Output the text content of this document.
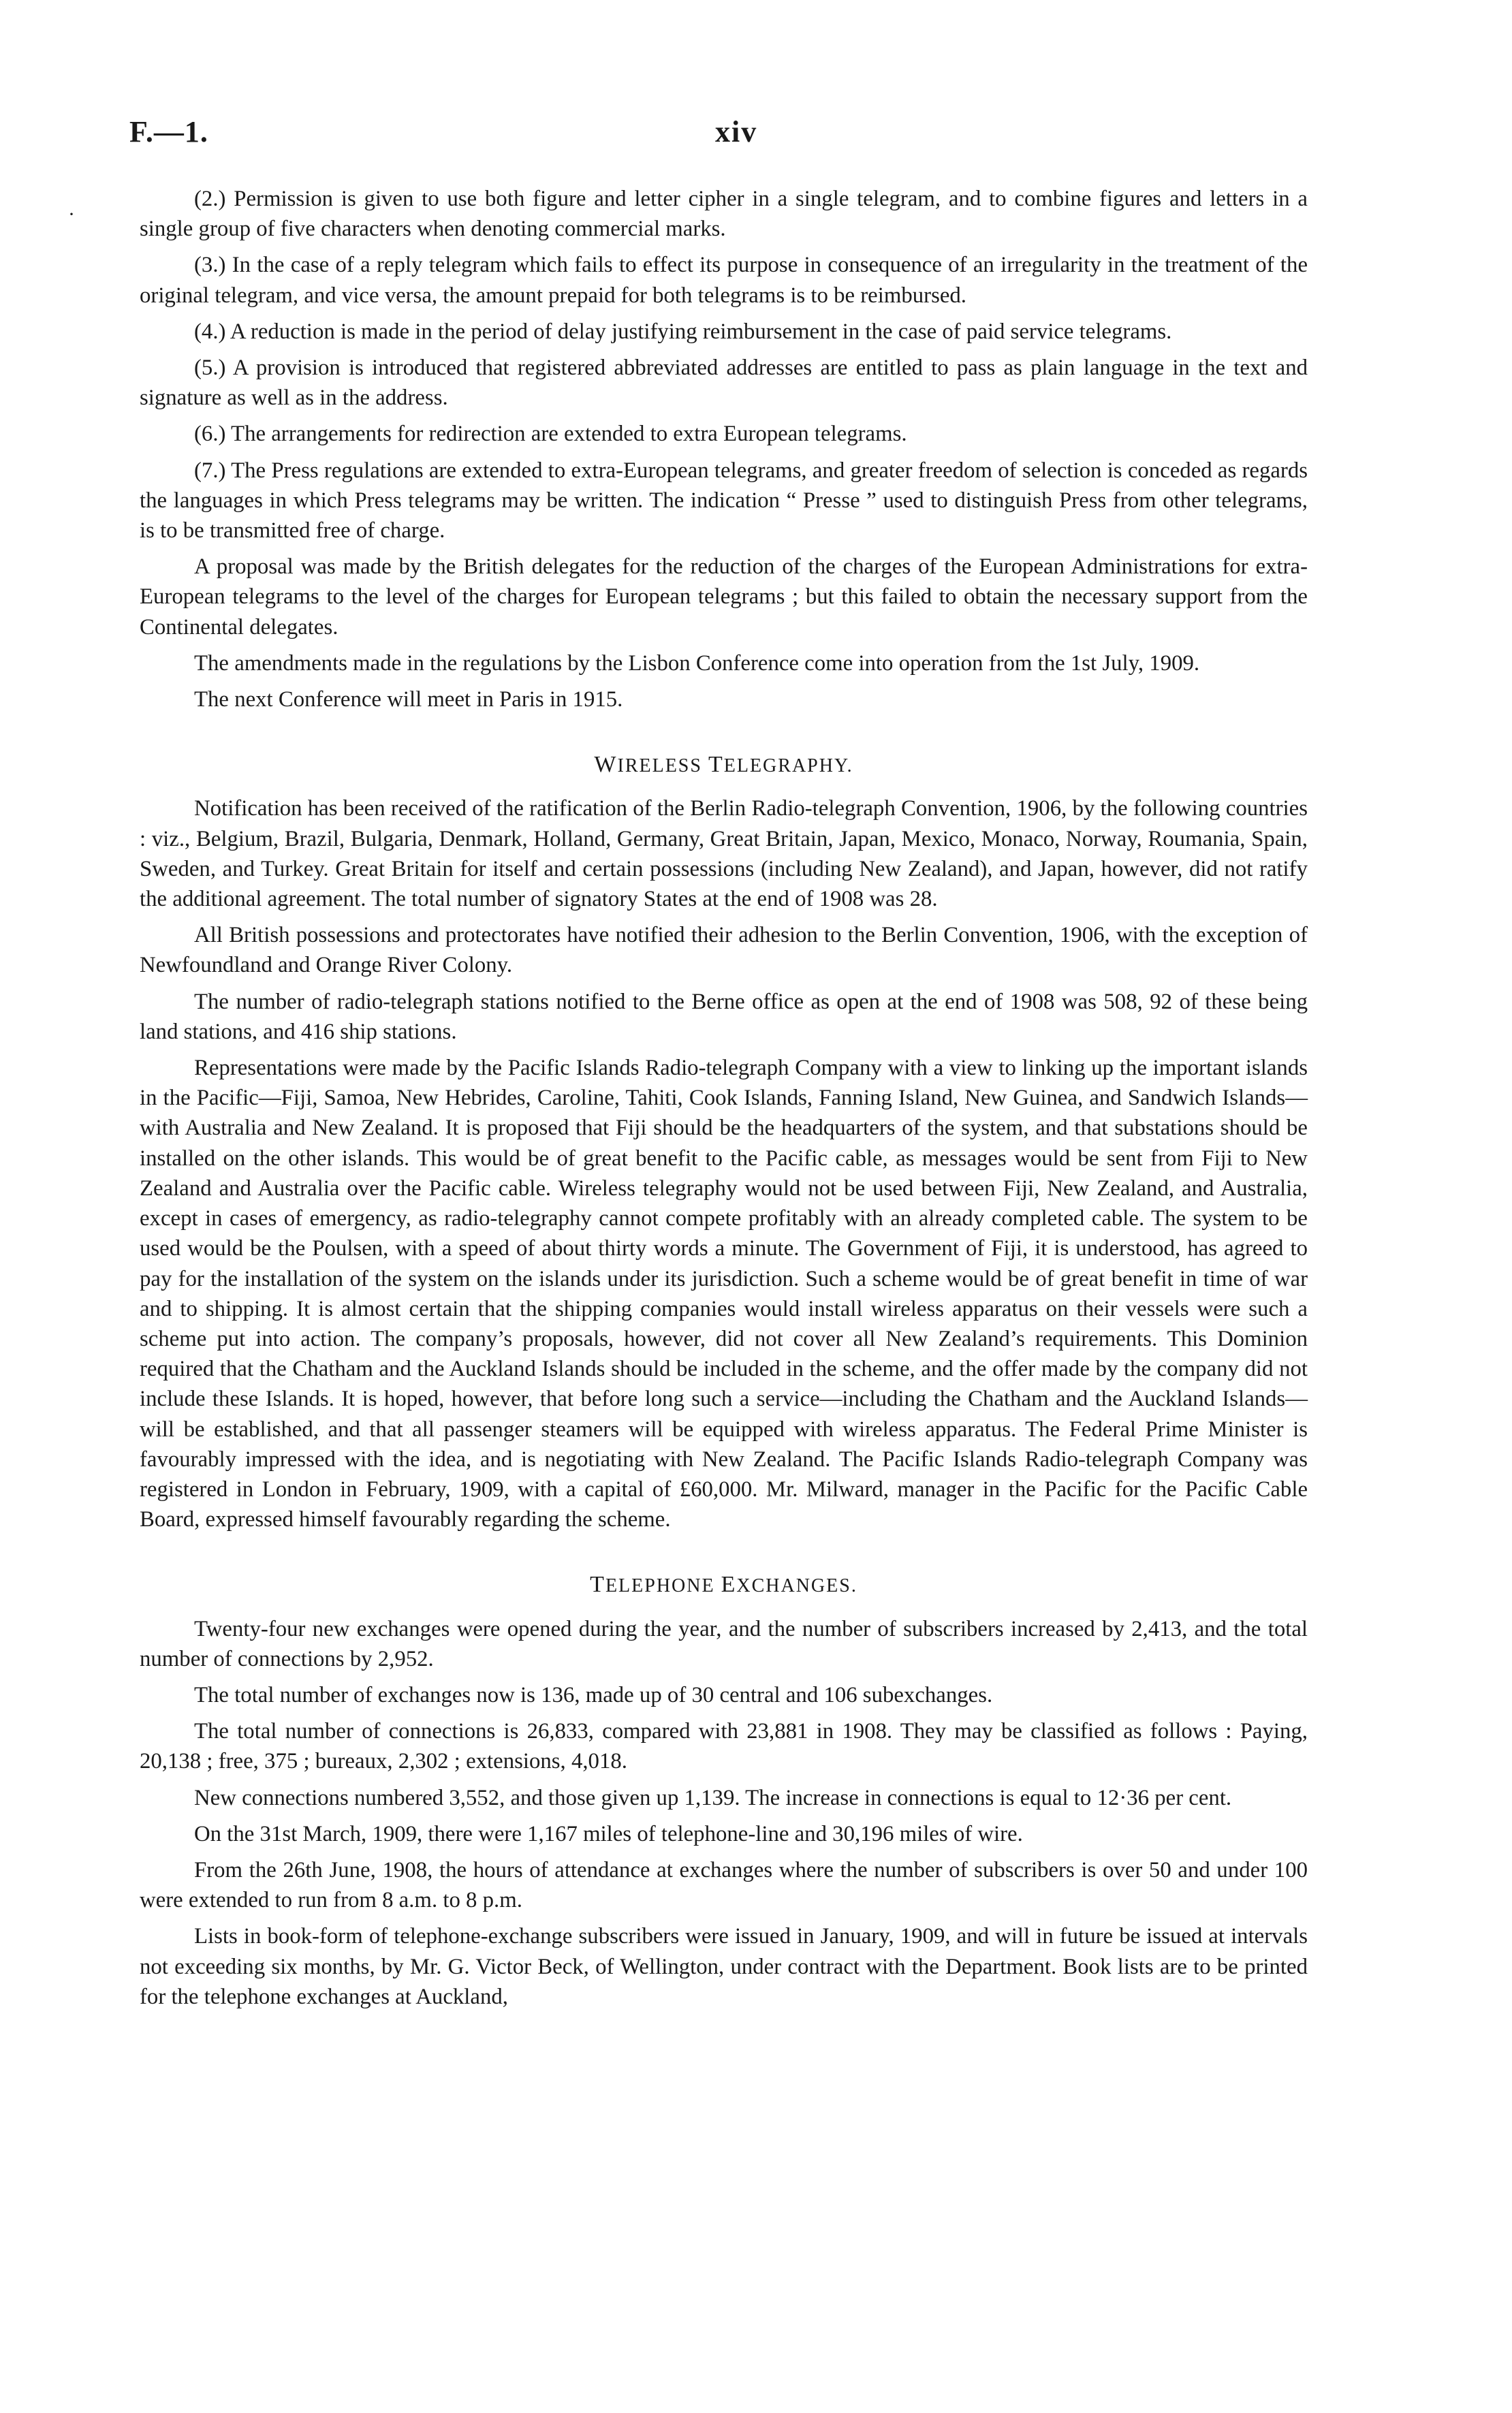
F.—1.	xiv
·

(2.) Permission is given to use both figure and letter cipher in a single telegram, and to combine figures and letters in a single group of five characters when denoting commercial marks.

(3.) In the case of a reply telegram which fails to effect its purpose in consequence of an irregularity in the treatment of the original telegram, and vice versa, the amount prepaid for both telegrams is to be reimbursed.

(4.) A reduction is made in the period of delay justifying reimbursement in the case of paid service telegrams.

(5.) A provision is introduced that registered abbreviated addresses are entitled to pass as plain language in the text and signature as well as in the address.

(6.) The arrangements for redirection are extended to extra European telegrams.

(7.) The Press regulations are extended to extra-European telegrams, and greater freedom of selection is conceded as regards the languages in which Press telegrams may be written. The indication “ Presse ” used to distinguish Press from other telegrams, is to be transmitted free of charge.

A proposal was made by the British delegates for the reduction of the charges of the European Administrations for extra-European telegrams to the level of the charges for European telegrams ; but this failed to obtain the necessary support from the Continental delegates.

The amendments made in the regulations by the Lisbon Conference come into operation from the 1st July, 1909.

The next Conference will meet in Paris in 1915.

WIRELESS TELEGRAPHY.

Notification has been received of the ratification of the Berlin Radio-telegraph Convention, 1906, by the following countries : viz., Belgium, Brazil, Bulgaria, Denmark, Holland, Germany, Great Britain, Japan, Mexico, Monaco, Norway, Roumania, Spain, Sweden, and Turkey. Great Britain for itself and certain possessions (including New Zealand), and Japan, however, did not ratify the additional agreement. The total number of signatory States at the end of 1908 was 28.

All British possessions and protectorates have notified their adhesion to the Berlin Convention, 1906, with the exception of Newfoundland and Orange River Colony.

The number of radio-telegraph stations notified to the Berne office as open at the end of 1908 was 508, 92 of these being land stations, and 416 ship stations.

Representations were made by the Pacific Islands Radio-telegraph Company with a view to linking up the important islands in the Pacific—Fiji, Samoa, New Hebrides, Caroline, Tahiti, Cook Islands, Fanning Island, New Guinea, and Sandwich Islands—with Australia and New Zealand. It is proposed that Fiji should be the headquarters of the system, and that substations should be installed on the other islands. This would be of great benefit to the Pacific cable, as messages would be sent from Fiji to New Zealand and Australia over the Pacific cable. Wireless telegraphy would not be used between Fiji, New Zealand, and Australia, except in cases of emergency, as radio-telegraphy cannot compete profitably with an already completed cable. The system to be used would be the Poulsen, with a speed of about thirty words a minute. The Government of Fiji, it is understood, has agreed to pay for the installation of the system on the islands under its jurisdiction. Such a scheme would be of great benefit in time of war and to shipping. It is almost certain that the shipping companies would install wireless apparatus on their vessels were such a scheme put into action. The company’s proposals, however, did not cover all New Zealand’s requirements. This Dominion required that the Chatham and the Auckland Islands should be included in the scheme, and the offer made by the company did not include these Islands. It is hoped, however, that before long such a service—including the Chatham and the Auckland Islands—will be established, and that all passenger steamers will be equipped with wireless apparatus. The Federal Prime Minister is favourably impressed with the idea, and is negotiating with New Zealand. The Pacific Islands Radio-telegraph Company was registered in London in February, 1909, with a capital of £60,000. Mr. Milward, manager in the Pacific for the Pacific Cable Board, expressed himself favourably regarding the scheme.

TELEPHONE EXCHANGES.

Twenty-four new exchanges were opened during the year, and the number of subscribers increased by 2,413, and the total number of connections by 2,952.

The total number of exchanges now is 136, made up of 30 central and 106 subexchanges.

The total number of connections is 26,833, compared with 23,881 in 1908. They may be classified as follows : Paying, 20,138 ; free, 375 ; bureaux, 2,302 ; extensions, 4,018.

New connections numbered 3,552, and those given up 1,139. The increase in connections is equal to 12·36 per cent.

On the 31st March, 1909, there were 1,167 miles of telephone-line and 30,196 miles of wire.

From the 26th June, 1908, the hours of attendance at exchanges where the number of subscribers is over 50 and under 100 were extended to run from 8 a.m. to 8 p.m.

Lists in book-form of telephone-exchange subscribers were issued in January, 1909, and will in future be issued at intervals not exceeding six months, by Mr. G. Victor Beck, of Wellington, under contract with the Department. Book lists are to be printed for the telephone exchanges at Auckland,
